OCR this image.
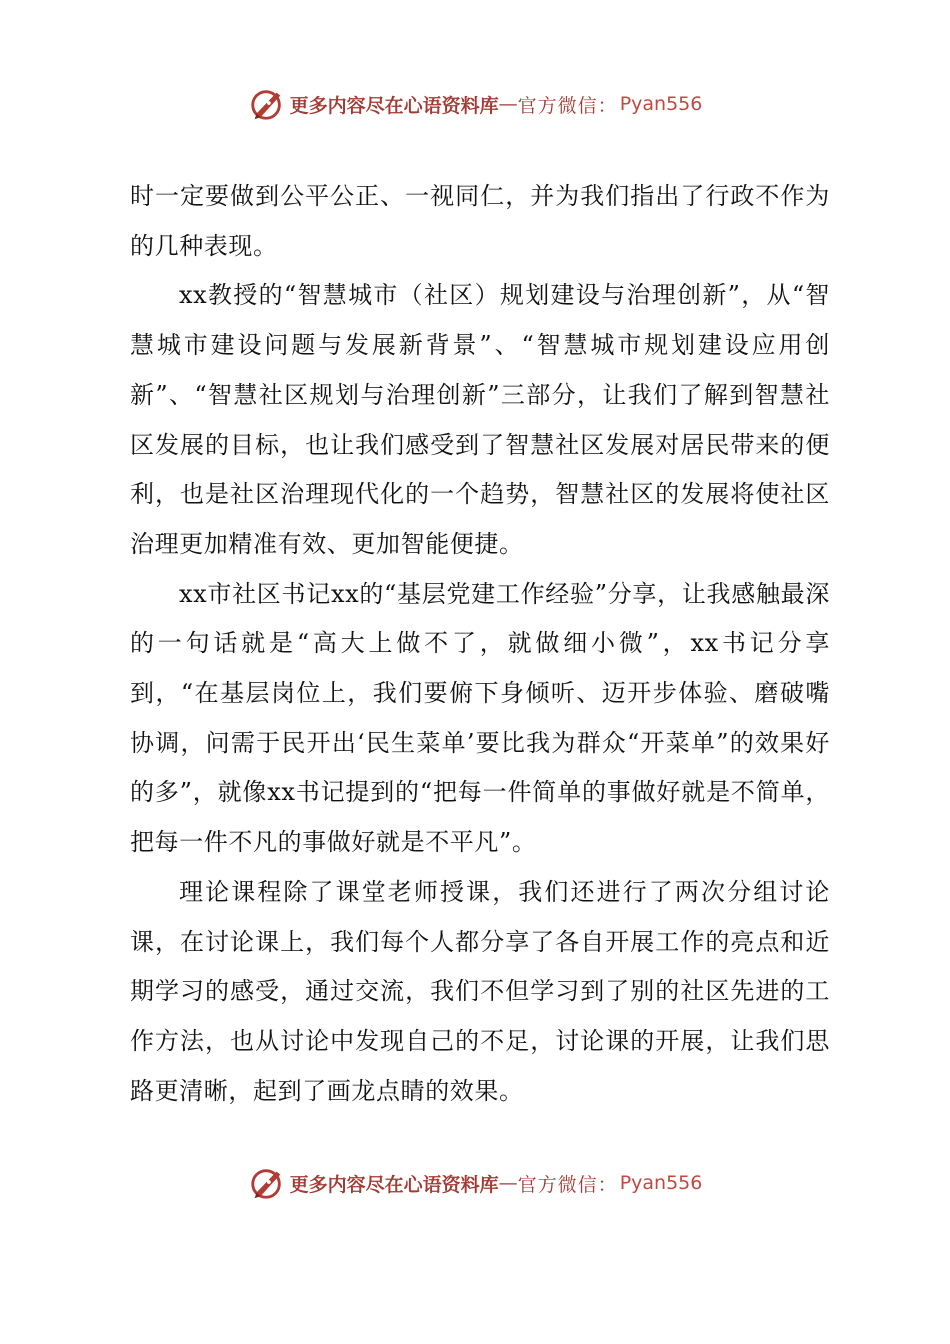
更多内容尽在心语资料库 — 官方微信： Pyan556

时一定要做到公平公正、一视同仁，并为我们指出了行政不作为的几种表现。

xx教授的“智慧城市（社区）规划建设与治理创新”，从“智慧城市建设问题与发展新背景”、“智慧城市规划建设应用创新”、“智慧社区规划与治理创新”三部分，让我们了解到智慧社区发展的目标，也让我们感受到了智慧社区发展对居民带来的便利，也是社区治理现代化的一个趋势，智慧社区的发展将使社区治理更加精准有效、更加智能便捷。

xx市社区书记xx的“基层党建工作经验”分享，让我感触最深的一句话就是“高大上做不了，就做细小微”，xx书记分享到，“在基层岗位上，我们要俯下身倾听、迈开步体验、磨破嘴协调，问需于民开出‘民生菜单’要比我为群众“开菜单”的效果好的多”，就像xx书记提到的“把每一件简单的事做好就是不简单，把每一件不凡的事做好就是不平凡”。

理论课程除了课堂老师授课，我们还进行了两次分组讨论课，在讨论课上，我们每个人都分享了各自开展工作的亮点和近期学习的感受，通过交流，我们不但学习到了别的社区先进的工作方法，也从讨论中发现自己的不足，讨论课的开展，让我们思路更清晰，起到了画龙点睛的效果。

更多内容尽在心语资料库 — 官方微信： Pyan556
